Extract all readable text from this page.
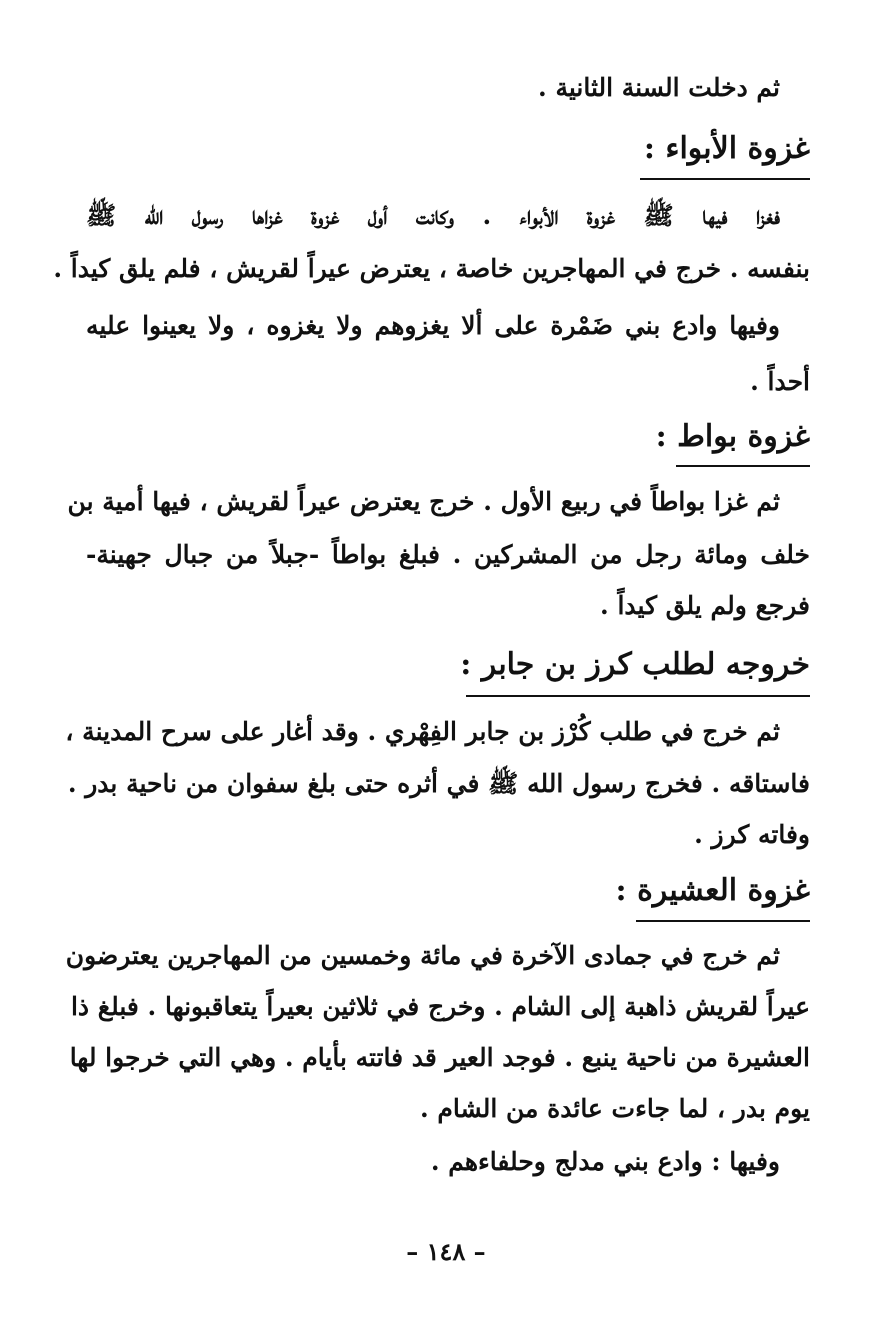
ثم دخلت السنة الثانية .
غزوة الأبواء :
فغزا فيها ﷺ غزوة الأبواء . وكانت أول غزوة غزاها رسول الله ﷺ
بنفسه . خرج في المهاجرين خاصة ، يعترض عيراً لقريش ، فلم يلق كيداً .
وفيها وادع بني ضَمْرة على ألا يغزوهم ولا يغزوه ، ولا يعينوا عليه
أحداً .
غزوة بواط :
ثم غزا بواطاً في ربيع الأول . خرج يعترض عيراً لقريش ، فيها أمية بن
خلف ومائة رجل من المشركين . فبلغ بواطاً -جبلاً من جبال جهينة-
فرجع ولم يلق كيداً .
خروجه لطلب كرز بن جابر :
ثم خرج في طلب كُرْز بن جابر الفِهْري . وقد أغار على سرح المدينة ،
فاستاقه . فخرج رسول الله ﷺ في أثره حتى بلغ سفوان من ناحية بدر .
وفاته كرز .
غزوة العشيرة :
ثم خرج في جمادى الآخرة في مائة وخمسين من المهاجرين يعترضون
عيراً لقريش ذاهبة إلى الشام . وخرج في ثلاثين بعيراً يتعاقبونها . فبلغ ذا
العشيرة من ناحية ينبع . فوجد العير قد فاتته بأيام . وهي التي خرجوا لها
يوم بدر ، لما جاءت عائدة من الشام .
وفيها : وادع بني مدلج وحلفاءهم .
– ١٤٨ –
